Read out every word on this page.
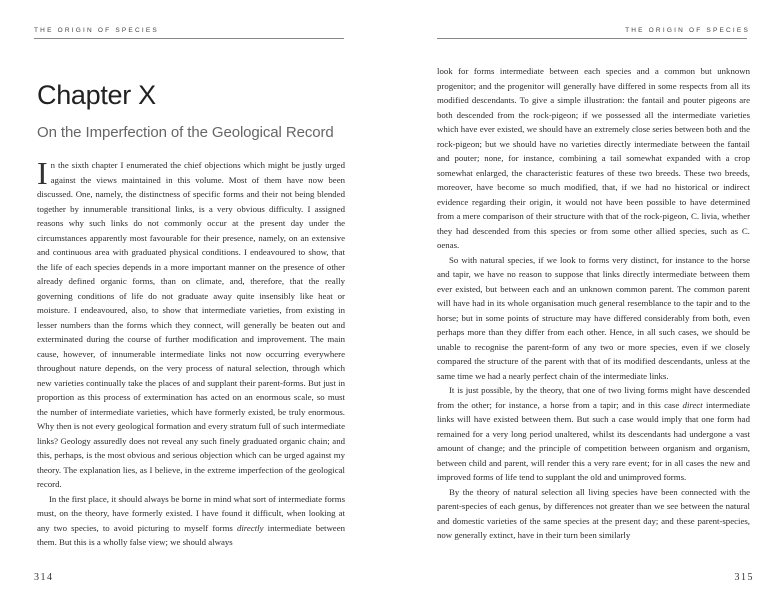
THE ORIGIN OF SPECIES
Chapter X
On the Imperfection of the Geological Record

In the sixth chapter I enumerated the chief objections which might be justly urged against the views maintained in this volume. Most of them have now been discussed. One, namely, the distinctness of specific forms and their not being blended together by innumerable transitional links, is a very obvious difficulty. I assigned reasons why such links do not commonly occur at the present day under the circumstances apparently most favourable for their presence, namely, on an extensive and continuous area with graduated physical conditions. I endeavoured to show, that the life of each species depends in a more important manner on the presence of other already defined organic forms, than on climate, and, therefore, that the really governing conditions of life do not graduate away quite insensibly like heat or moisture. I endeavoured, also, to show that intermediate varieties, from existing in lesser numbers than the forms which they connect, will generally be beaten out and exterminated during the course of further modification and improvement. The main cause, however, of innumerable intermediate links not now occurring everywhere throughout nature depends, on the very process of natural selection, through which new varieties continually take the places of and supplant their parent-forms. But just in proportion as this process of extermination has acted on an enormous scale, so must the number of intermediate varieties, which have formerly existed, be truly enormous. Why then is not every geological formation and every stratum full of such intermediate links? Geology assuredly does not reveal any such finely graduated organic chain; and this, perhaps, is the most obvious and serious objection which can be urged against my theory. The explanation lies, as I believe, in the extreme imperfection of the geological record.

In the first place, it should always be borne in mind what sort of intermediate forms must, on the theory, have formerly existed. I have found it difficult, when looking at any two species, to avoid picturing to myself forms directly intermediate between them. But this is a wholly false view; we should always

314
THE ORIGIN OF SPECIES

look for forms intermediate between each species and a common but unknown progenitor; and the progenitor will generally have differed in some respects from all its modified descendants. To give a simple illustration: the fantail and pouter pigeons are both descended from the rock-pigeon; if we possessed all the intermediate varieties which have ever existed, we should have an extremely close series between both and the rock-pigeon; but we should have no varieties directly intermediate between the fantail and pouter; none, for instance, combining a tail somewhat expanded with a crop somewhat enlarged, the characteristic features of these two breeds. These two breeds, moreover, have become so much modified, that, if we had no historical or indirect evidence regarding their origin, it would not have been possible to have determined from a mere comparison of their structure with that of the rock-pigeon, C. livia, whether they had descended from this species or from some other allied species, such as C. oenas.

So with natural species, if we look to forms very distinct, for instance to the horse and tapir, we have no reason to suppose that links directly intermediate between them ever existed, but between each and an unknown common parent. The common parent will have had in its whole organisation much general resemblance to the tapir and to the horse; but in some points of structure may have differed considerably from both, even perhaps more than they differ from each other. Hence, in all such cases, we should be unable to recognise the parent-form of any two or more species, even if we closely compared the structure of the parent with that of its modified descendants, unless at the same time we had a nearly perfect chain of the intermediate links.

It is just possible, by the theory, that one of two living forms might have descended from the other; for instance, a horse from a tapir; and in this case direct intermediate links will have existed between them. But such a case would imply that one form had remained for a very long period unaltered, whilst its descendants had undergone a vast amount of change; and the principle of competition between organism and organism, between child and parent, will render this a very rare event; for in all cases the new and improved forms of life tend to supplant the old and unimproved forms.

By the theory of natural selection all living species have been connected with the parent-species of each genus, by differences not greater than we see between the natural and domestic varieties of the same species at the present day; and these parent-species, now generally extinct, have in their turn been similarly

315
